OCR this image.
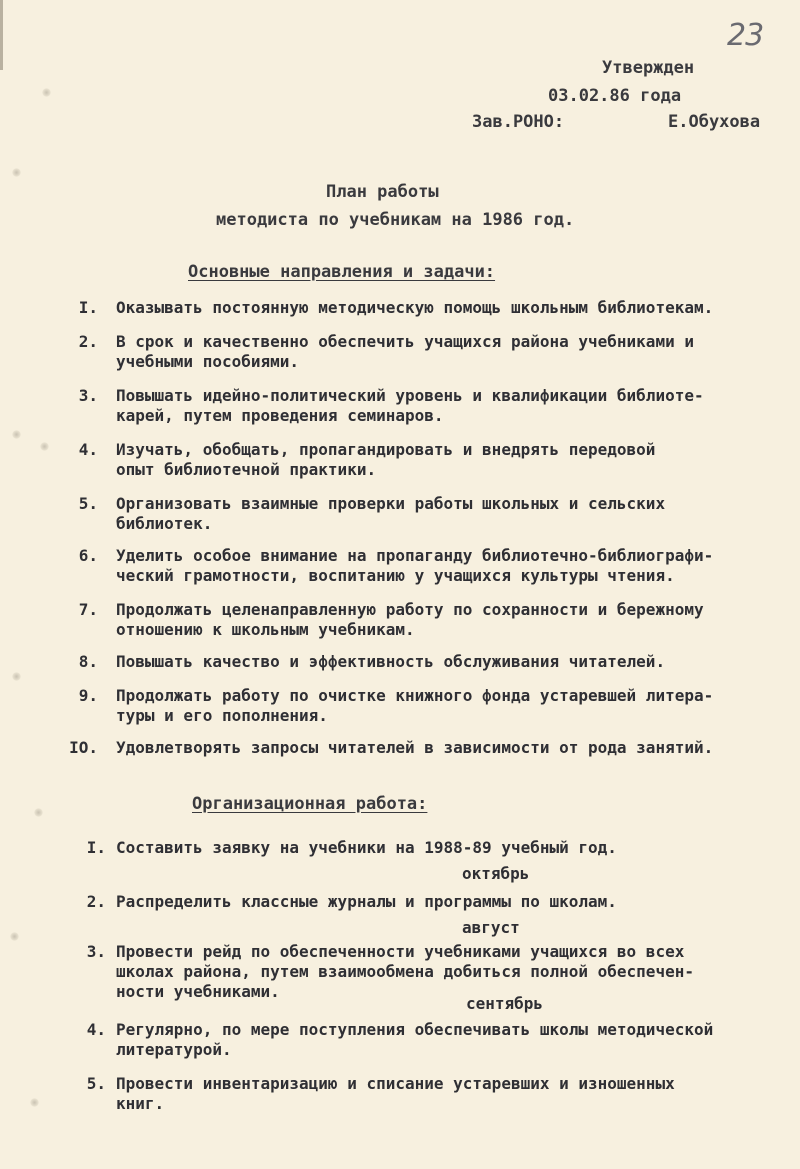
23
Утвержден
03.02.86 года
Зав.РОНО:	Е.Обухова
План работы
методиста по учебникам на 1986 год.
Основные направления и задачи:
I. Оказывать постоянную методическую помощь школьным библиотекам.
2. В срок и качественно обеспечить учащихся района учебниками и
учебными пособиями.
3. Повышать идейно-политический уровень и квалификации библиоте-
карей, путем проведения семинаров.
4. Изучать, обобщать, пропагандировать и внедрять передовой
опыт библиотечной практики.
5. Организовать взаимные проверки работы школьных и сельских
библиотек.
6. Уделить особое внимание на пропаганду библиотечно-библиографи-
ческий грамотности, воспитанию у учащихся культуры чтения.
7. Продолжать целенаправленную работу по сохранности и бережному
отношению к школьным учебникам.
8. Повышать качество и эффективность обслуживания читателей.
9. Продолжать работу по очистке книжного фонда устаревшей литера-
туры и его пополнения.
IO. Удовлетворять запросы читателей в зависимости от рода занятий.
Организационная работа:
I. Составить заявку на учебники на 1988-89 учебный год.
октябрь
2. Распределить классные журналы и программы по школам.
август
3. Провести рейд по обеспеченности учебниками учащихся во всех
школах района, путем взаимообмена добиться полной обеспечен-
ности учебниками.
сентябрь
4. Регулярно, по мере поступления обеспечивать школы методической
литературой.
5. Провести инвентаризацию и списание устаревших и изношенных
книг.
